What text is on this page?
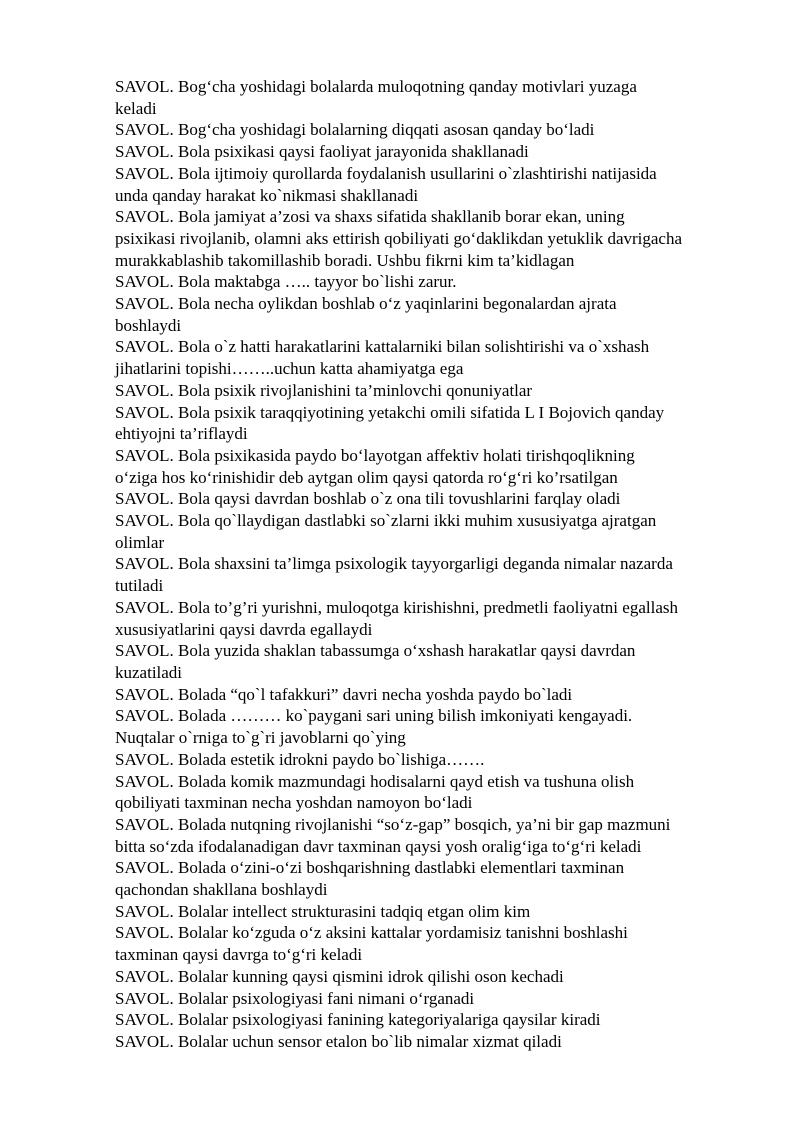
SAVOL. Bog‘cha yoshidagi bolalarda muloqotning qanday motivlari yuzaga

keladi

SAVOL. Bog‘cha yoshidagi bolalarning diqqati asosan qanday bo‘ladi

SAVOL. Bola psixikasi qaysi faoliyat jarayonida shakllanadi

SAVOL. Bola ijtimoiy qurollarda foydalanish usullarini o`zlashtirishi natijasida

unda qanday harakat ko`nikmasi shakllanadi

SAVOL. Bola jamiyat a’zosi va shaxs sifatida shakllanib borar ekan, uning

psixikasi rivojlanib, olamni aks ettirish qobiliyati go‘daklikdan yetuklik davrigacha

murakkablashib takomillashib boradi. Ushbu fikrni kim ta’kidlagan

SAVOL. Bola maktabga ….. tayyor bo`lishi zarur.

SAVOL. Bola necha oylikdan boshlab o‘z yaqinlarini begonalardan ajrata

boshlaydi

SAVOL. Bola o`z hatti harakatlarini kattalarniki bilan solishtirishi va o`xshash

jihatlarini topishi……..uchun katta ahamiyatga ega

SAVOL. Bola psixik rivojlanishini ta’minlovchi qonuniyatlar

SAVOL. Bola psixik taraqqiyotining yetakchi omili sifatida L I Bojovich qanday

ehtiyojni ta’riflaydi

SAVOL. Bola psixikasida paydo bo‘layotgan affektiv holati tirishqoqlikning

o‘ziga hos ko‘rinishidir deb aytgan olim qaysi qatorda ro‘g‘ri ko’rsatilgan

SAVOL. Bola qaysi davrdan boshlab o`z ona tili tovushlarini farqlay oladi

SAVOL. Bola qo`llaydigan dastlabki so`zlarni ikki muhim xususiyatga ajratgan

olimlar

SAVOL. Bola shaxsini ta’limga psixologik tayyorgarligi deganda nimalar nazarda

tutiladi

SAVOL. Bola to’g’ri yurishni, muloqotga kirishishni, predmetli faoliyatni egallash

xususiyatlarini qaysi davrda egallaydi

SAVOL. Bola yuzida shaklan tabassumga o‘xshash harakatlar qaysi davrdan

kuzatiladi

SAVOL. Bolada “qo`l tafakkuri” davri necha yoshda paydo bo`ladi

SAVOL. Bolada ……… ko`paygani sari uning bilish imkoniyati kengayadi.

Nuqtalar o`rniga to`g`ri javoblarni qo`ying

SAVOL. Bolada estetik idrokni paydo bo`lishiga…….

SAVOL. Bolada komik mazmundagi hodisalarni qayd etish va tushuna olish

qobiliyati taxminan necha yoshdan namoyon bo‘ladi

SAVOL. Bolada nutqning rivojlanishi “so‘z-gap” bosqich, ya’ni bir gap mazmuni

bitta so‘zda ifodalanadigan davr taxminan qaysi yosh oralig‘iga to‘g‘ri keladi

SAVOL. Bolada o‘zini-o‘zi boshqarishning dastlabki elementlari taxminan

qachondan shakllana boshlaydi

SAVOL. Bolalar intellect strukturasini tadqiq etgan olim kim

SAVOL. Bolalar ko‘zguda o‘z aksini kattalar yordamisiz tanishni boshlashi

taxminan qaysi davrga to‘g‘ri keladi

SAVOL. Bolalar kunning qaysi qismini idrok qilishi oson kechadi

SAVOL. Bolalar psixologiyasi fani nimani o‘rganadi

SAVOL. Bolalar psixologiyasi fanining kategoriyalariga qaysilar kiradi

SAVOL. Bolalar uchun sensor etalon bo`lib nimalar xizmat qiladi
